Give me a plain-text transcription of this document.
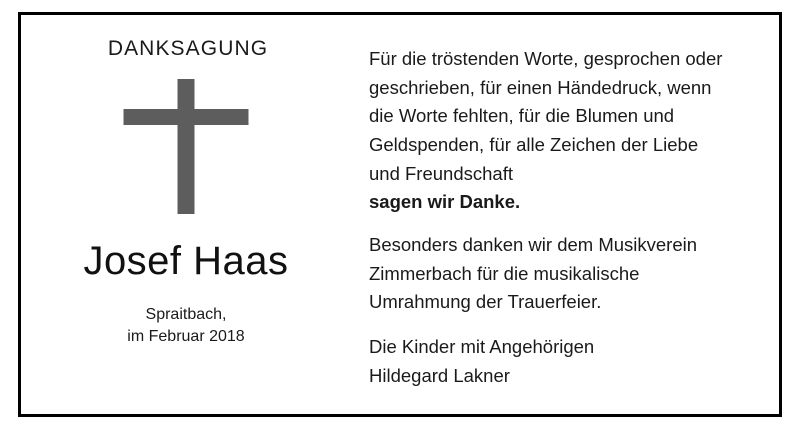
DANKSAGUNG
Josef Haas
Spraitbach,
im Februar 2018

Für die tröstenden Worte, gesprochen oder
geschrieben, für einen Händedruck, wenn
die Worte fehlten, für die Blumen und
Geldspenden, für alle Zeichen der Liebe
und Freundschaft
sagen wir Danke.

Besonders danken wir dem Musikverein
Zimmerbach für die musikalische
Umrahmung der Trauerfeier.

Die Kinder mit Angehörigen
Hildegard Lakner
